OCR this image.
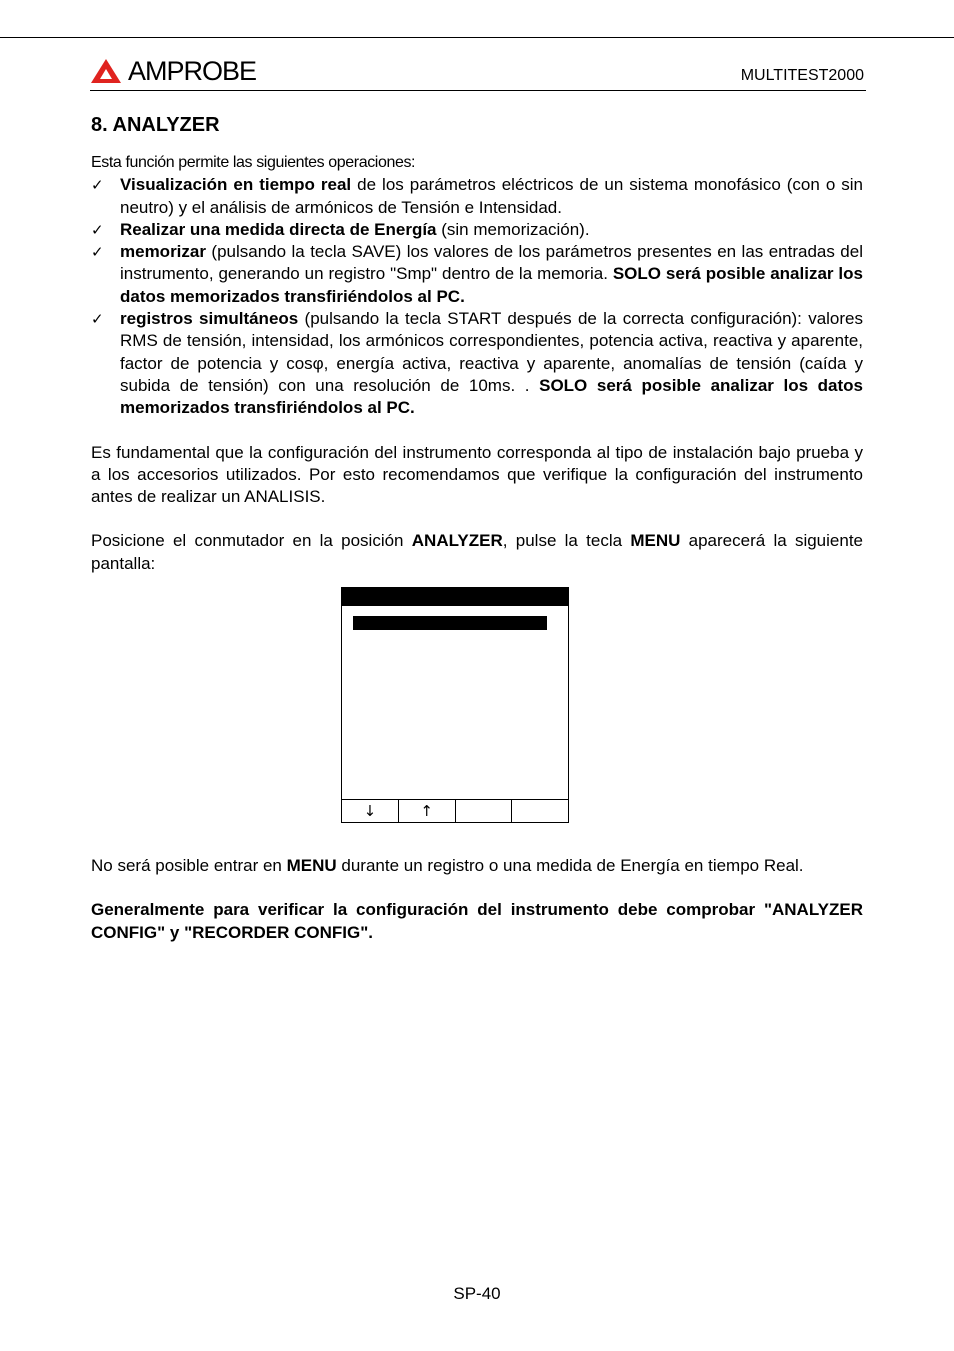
AMPROBE	MULTITEST2000
8. ANALYZER

Esta función permite las siguientes operaciones:

✓ Visualización en tiempo real de los parámetros eléctricos de un sistema monofásico (con o sin neutro) y el análisis de armónicos de Tensión e Intensidad.
✓ Realizar una medida directa de Energía (sin memorización).
✓ memorizar (pulsando la tecla SAVE) los valores de los parámetros presentes en las entradas del instrumento, generando un registro "Smp" dentro de la memoria. SOLO será posible analizar los datos memorizados transfiriéndolos al PC.
✓ registros simultáneos (pulsando la tecla START después de la correcta configuración): valores RMS de tensión, intensidad, los armónicos correspondientes, potencia activa, reactiva y aparente, factor de potencia y cosφ, energía activa, reactiva y aparente, anomalías de tensión (caída y subida de tensión) con una resolución de 10ms. . SOLO será posible analizar los datos memorizados transfiriéndolos al PC.

Es fundamental que la configuración del instrumento corresponda al tipo de instalación bajo prueba y a los accesorios utilizados. Por esto recomendamos que verifique la configuración del instrumento antes de realizar un ANALISIS.

Posicione el conmutador en la posición ANALYZER, pulse la tecla MENU aparecerá la siguiente pantalla:

↓	↑

No será posible entrar en MENU durante un registro o una medida de Energía en tiempo Real.

Generalmente para verificar la configuración del instrumento debe comprobar "ANALYZER CONFIG" y "RECORDER CONFIG".

SP-40
